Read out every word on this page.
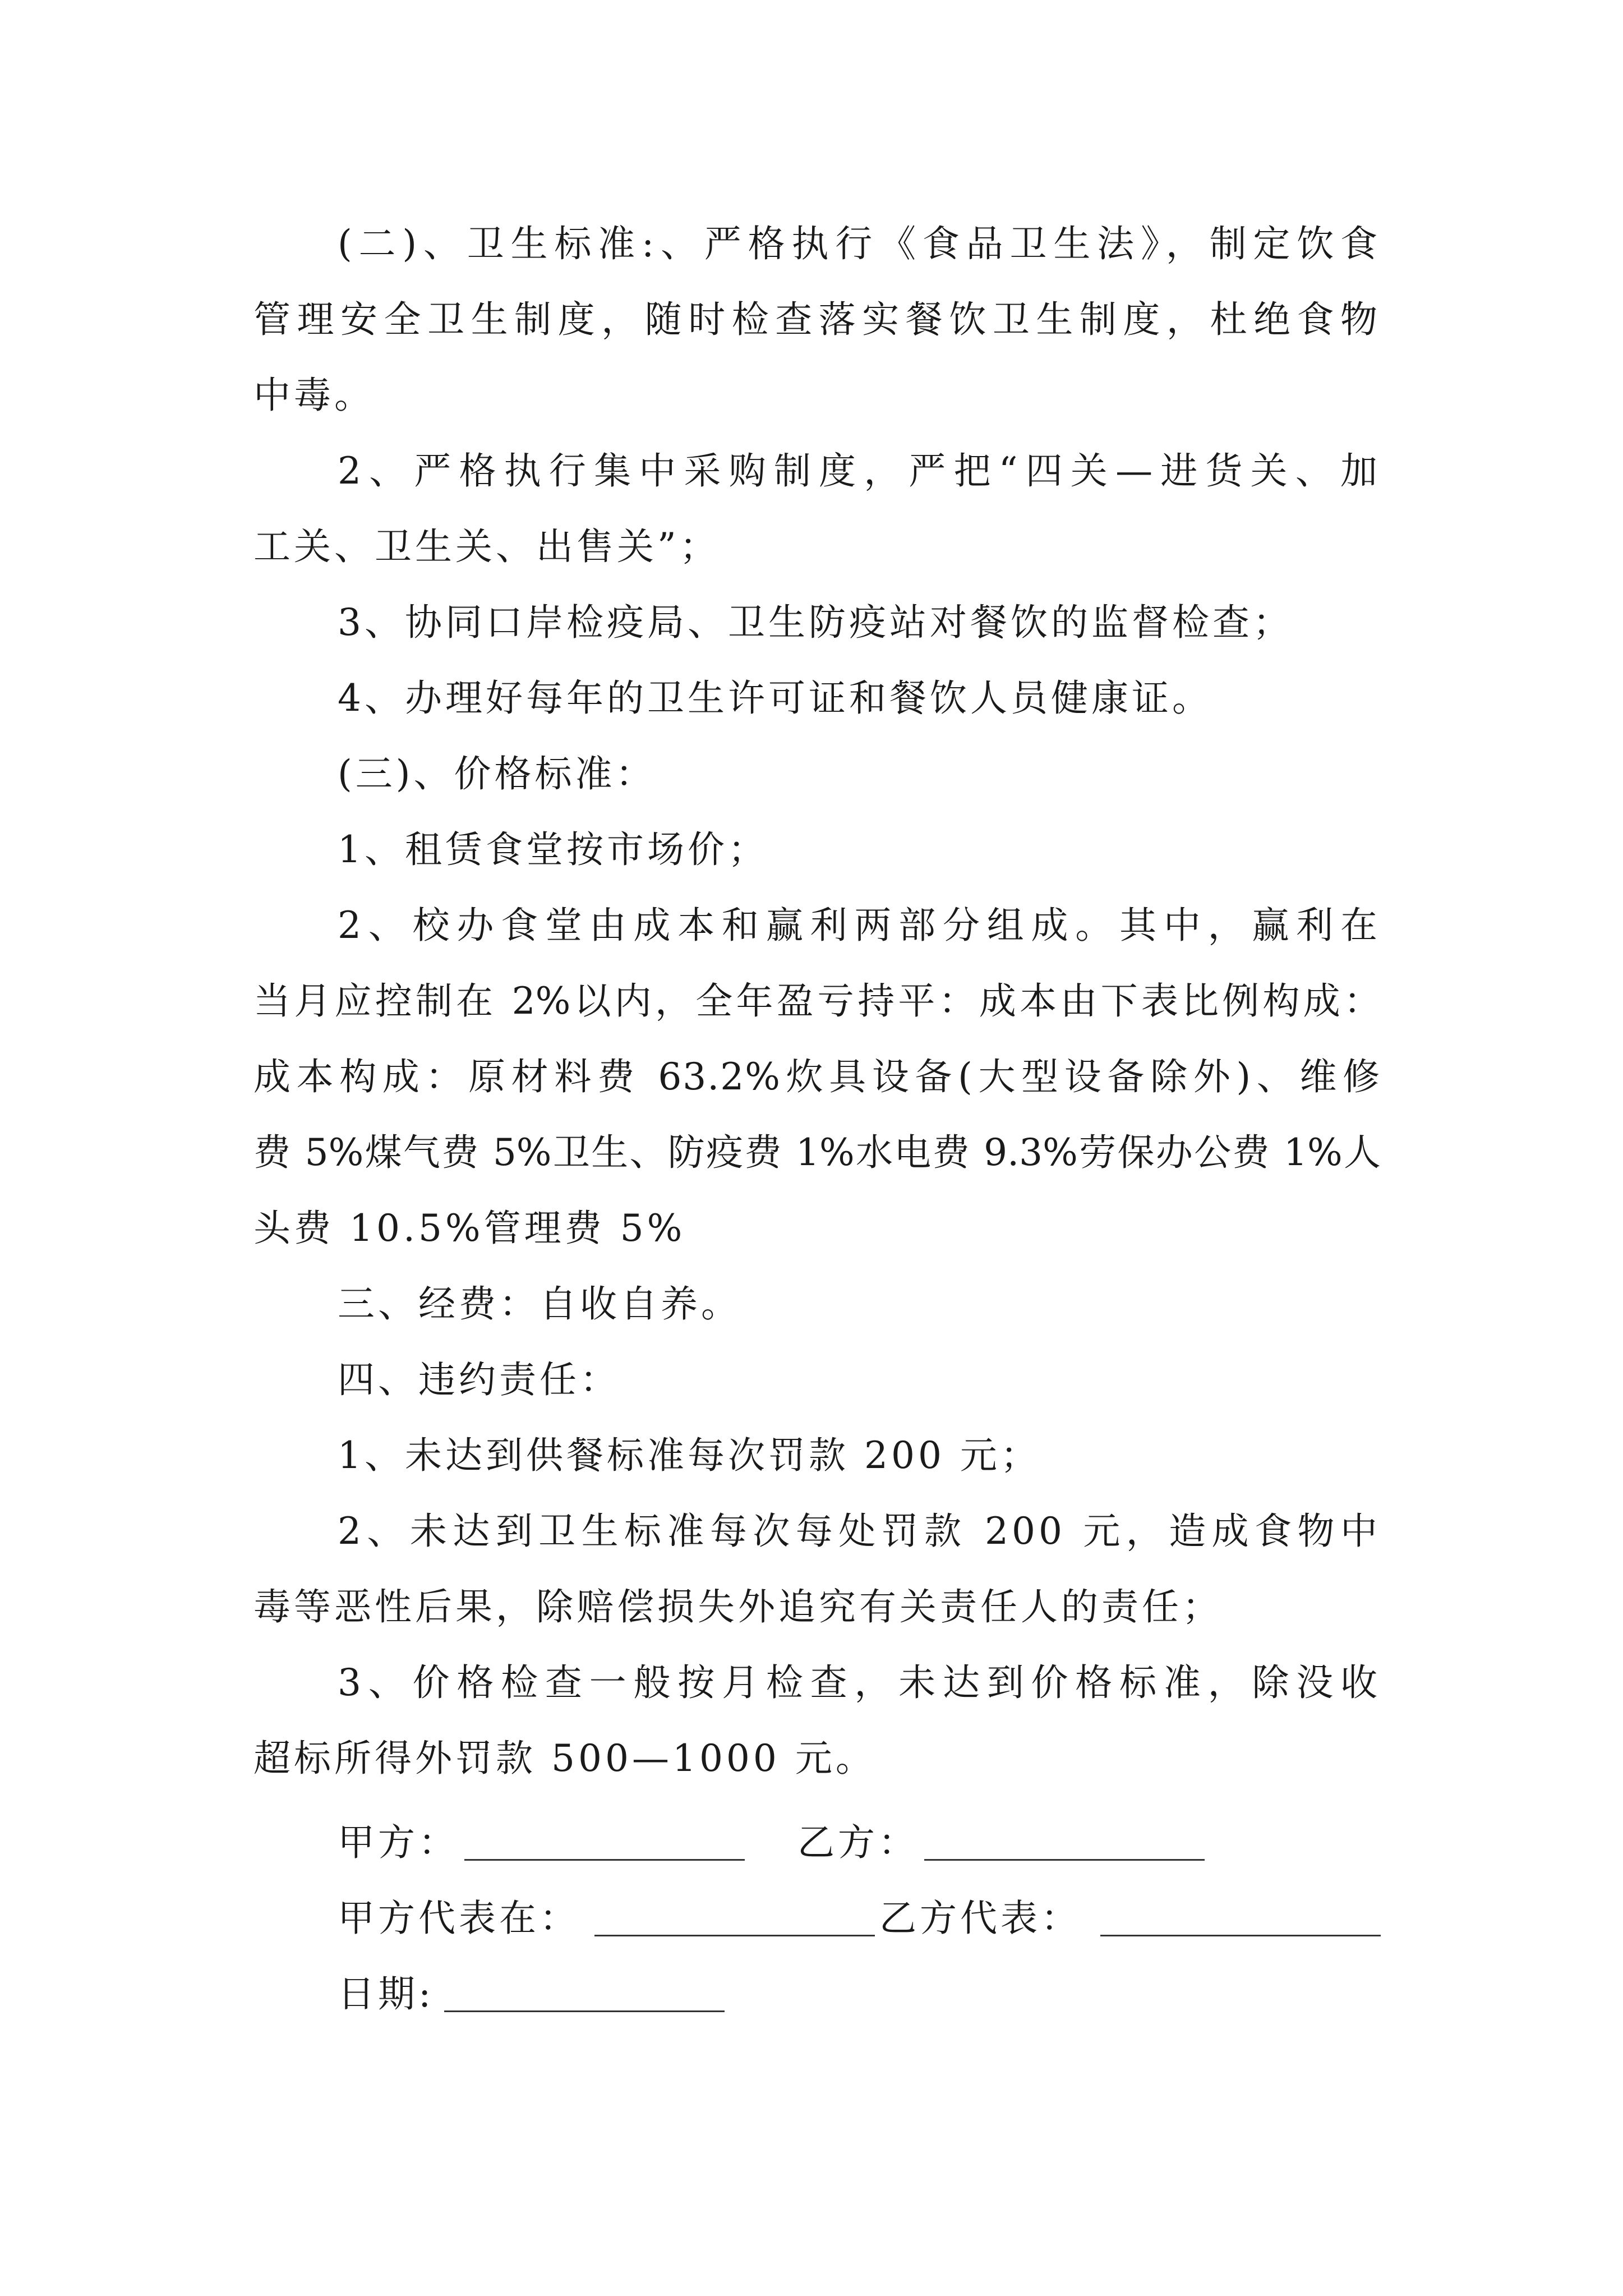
(二)、卫生标准:、严格执行《食品卫生法》，制定饮食
管理安全卫生制度，随时检查落实餐饮卫生制度，杜绝食物
中毒。
2、严格执行集中采购制度，严把“四关—进货关、加
工关、卫生关、出售关”；
3、协同口岸检疫局、卫生防疫站对餐饮的监督检查；
4、办理好每年的卫生许可证和餐饮人员健康证。
(三)、价格标准：
1、租赁食堂按市场价；
2、校办食堂由成本和赢利两部分组成。其中，赢利在
当月应控制在 2%以内，全年盈亏持平：成本由下表比例构成：
成本构成：原材料费 63.2%炊具设备(大型设备除外)、维修
费 5%煤气费 5%卫生、防疫费 1%水电费 9.3%劳保办公费 1%人
头费 10.5%管理费 5%
三、经费：自收自养。
四、违约责任：
1、未达到供餐标准每次罚款 200 元；
2、未达到卫生标准每次每处罚款 200 元，造成食物中
毒等恶性后果，除赔偿损失外追究有关责任人的责任；
3、价格检查一般按月检查，未达到价格标准，除没收
超标所得外罚款 500—1000 元。
甲方：	乙方：
甲方代表在：	乙方代表：
日期:
